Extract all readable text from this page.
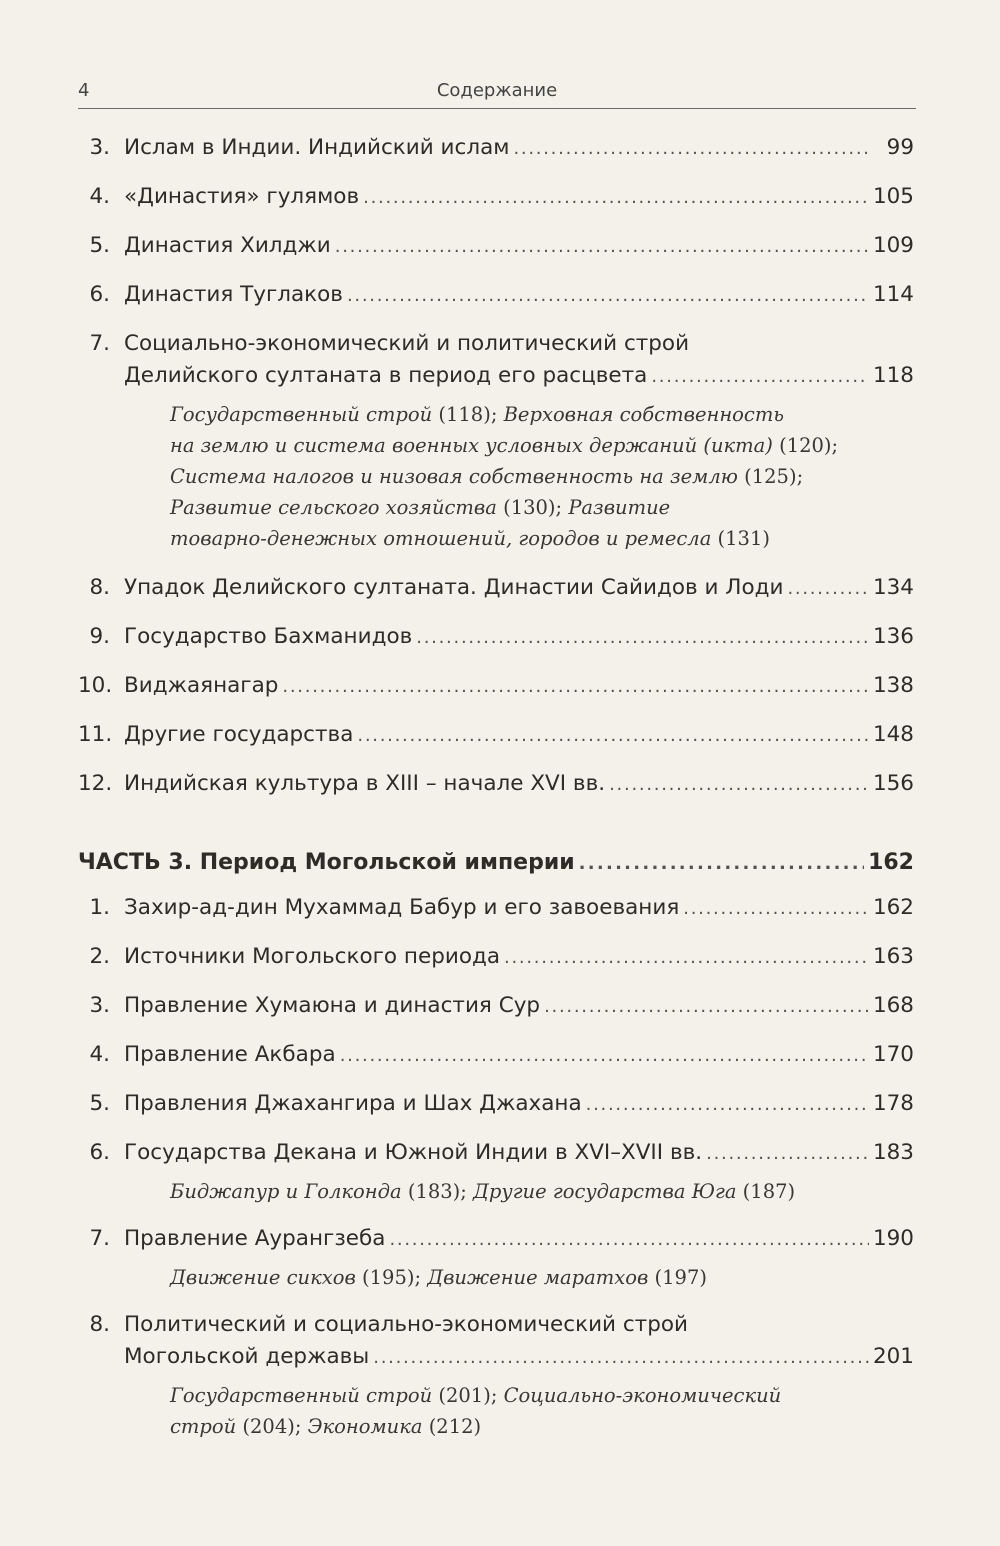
4	Содержание
3. Ислам в Индии. Индийский ислам . . .	99
4. «Династия» гулямов . . .	105
5. Династия Хилджи . . .	109
6. Династия Туглаков . . .	114
7. Социально-экономический и политический строй
Делийского султаната в период его расцвета . . .	118
Государственный строй (118); Верховная собственность
на землю и система военных условных держаний (икта) (120);
Система налогов и низовая собственность на землю (125);
Развитие сельского хозяйства (130); Развитие
товарно-денежных отношений, городов и ремесла (131)
8. Упадок Делийского султаната. Династии Сайидов и Лоди . . .	134
9. Государство Бахманидов . . .	136
10. Виджаянагар . . .	138
11. Другие государства . . .	148
12. Индийская культура в XIII – начале XVI вв. . . .	156
ЧАСТЬ 3. Период Могольской империи . . .	162
1. Захир-ад-дин Мухаммад Бабур и его завоевания . . .	162
2. Источники Могольского периода . . .	163
3. Правление Хумаюна и династия Сур . . .	168
4. Правление Акбара . . .	170
5. Правления Джахангира и Шах Джахана . . .	178
6. Государства Декана и Южной Индии в XVI–XVII вв. . . .	183
Биджапур и Голконда (183); Другие государства Юга (187)
7. Правление Аурангзеба . . .	190
Движение сикхов (195); Движение маратхов (197)
8. Политический и социально-экономический строй
Могольской державы . . .	201
Государственный строй (201); Социально-экономический
строй (204); Экономика (212)
